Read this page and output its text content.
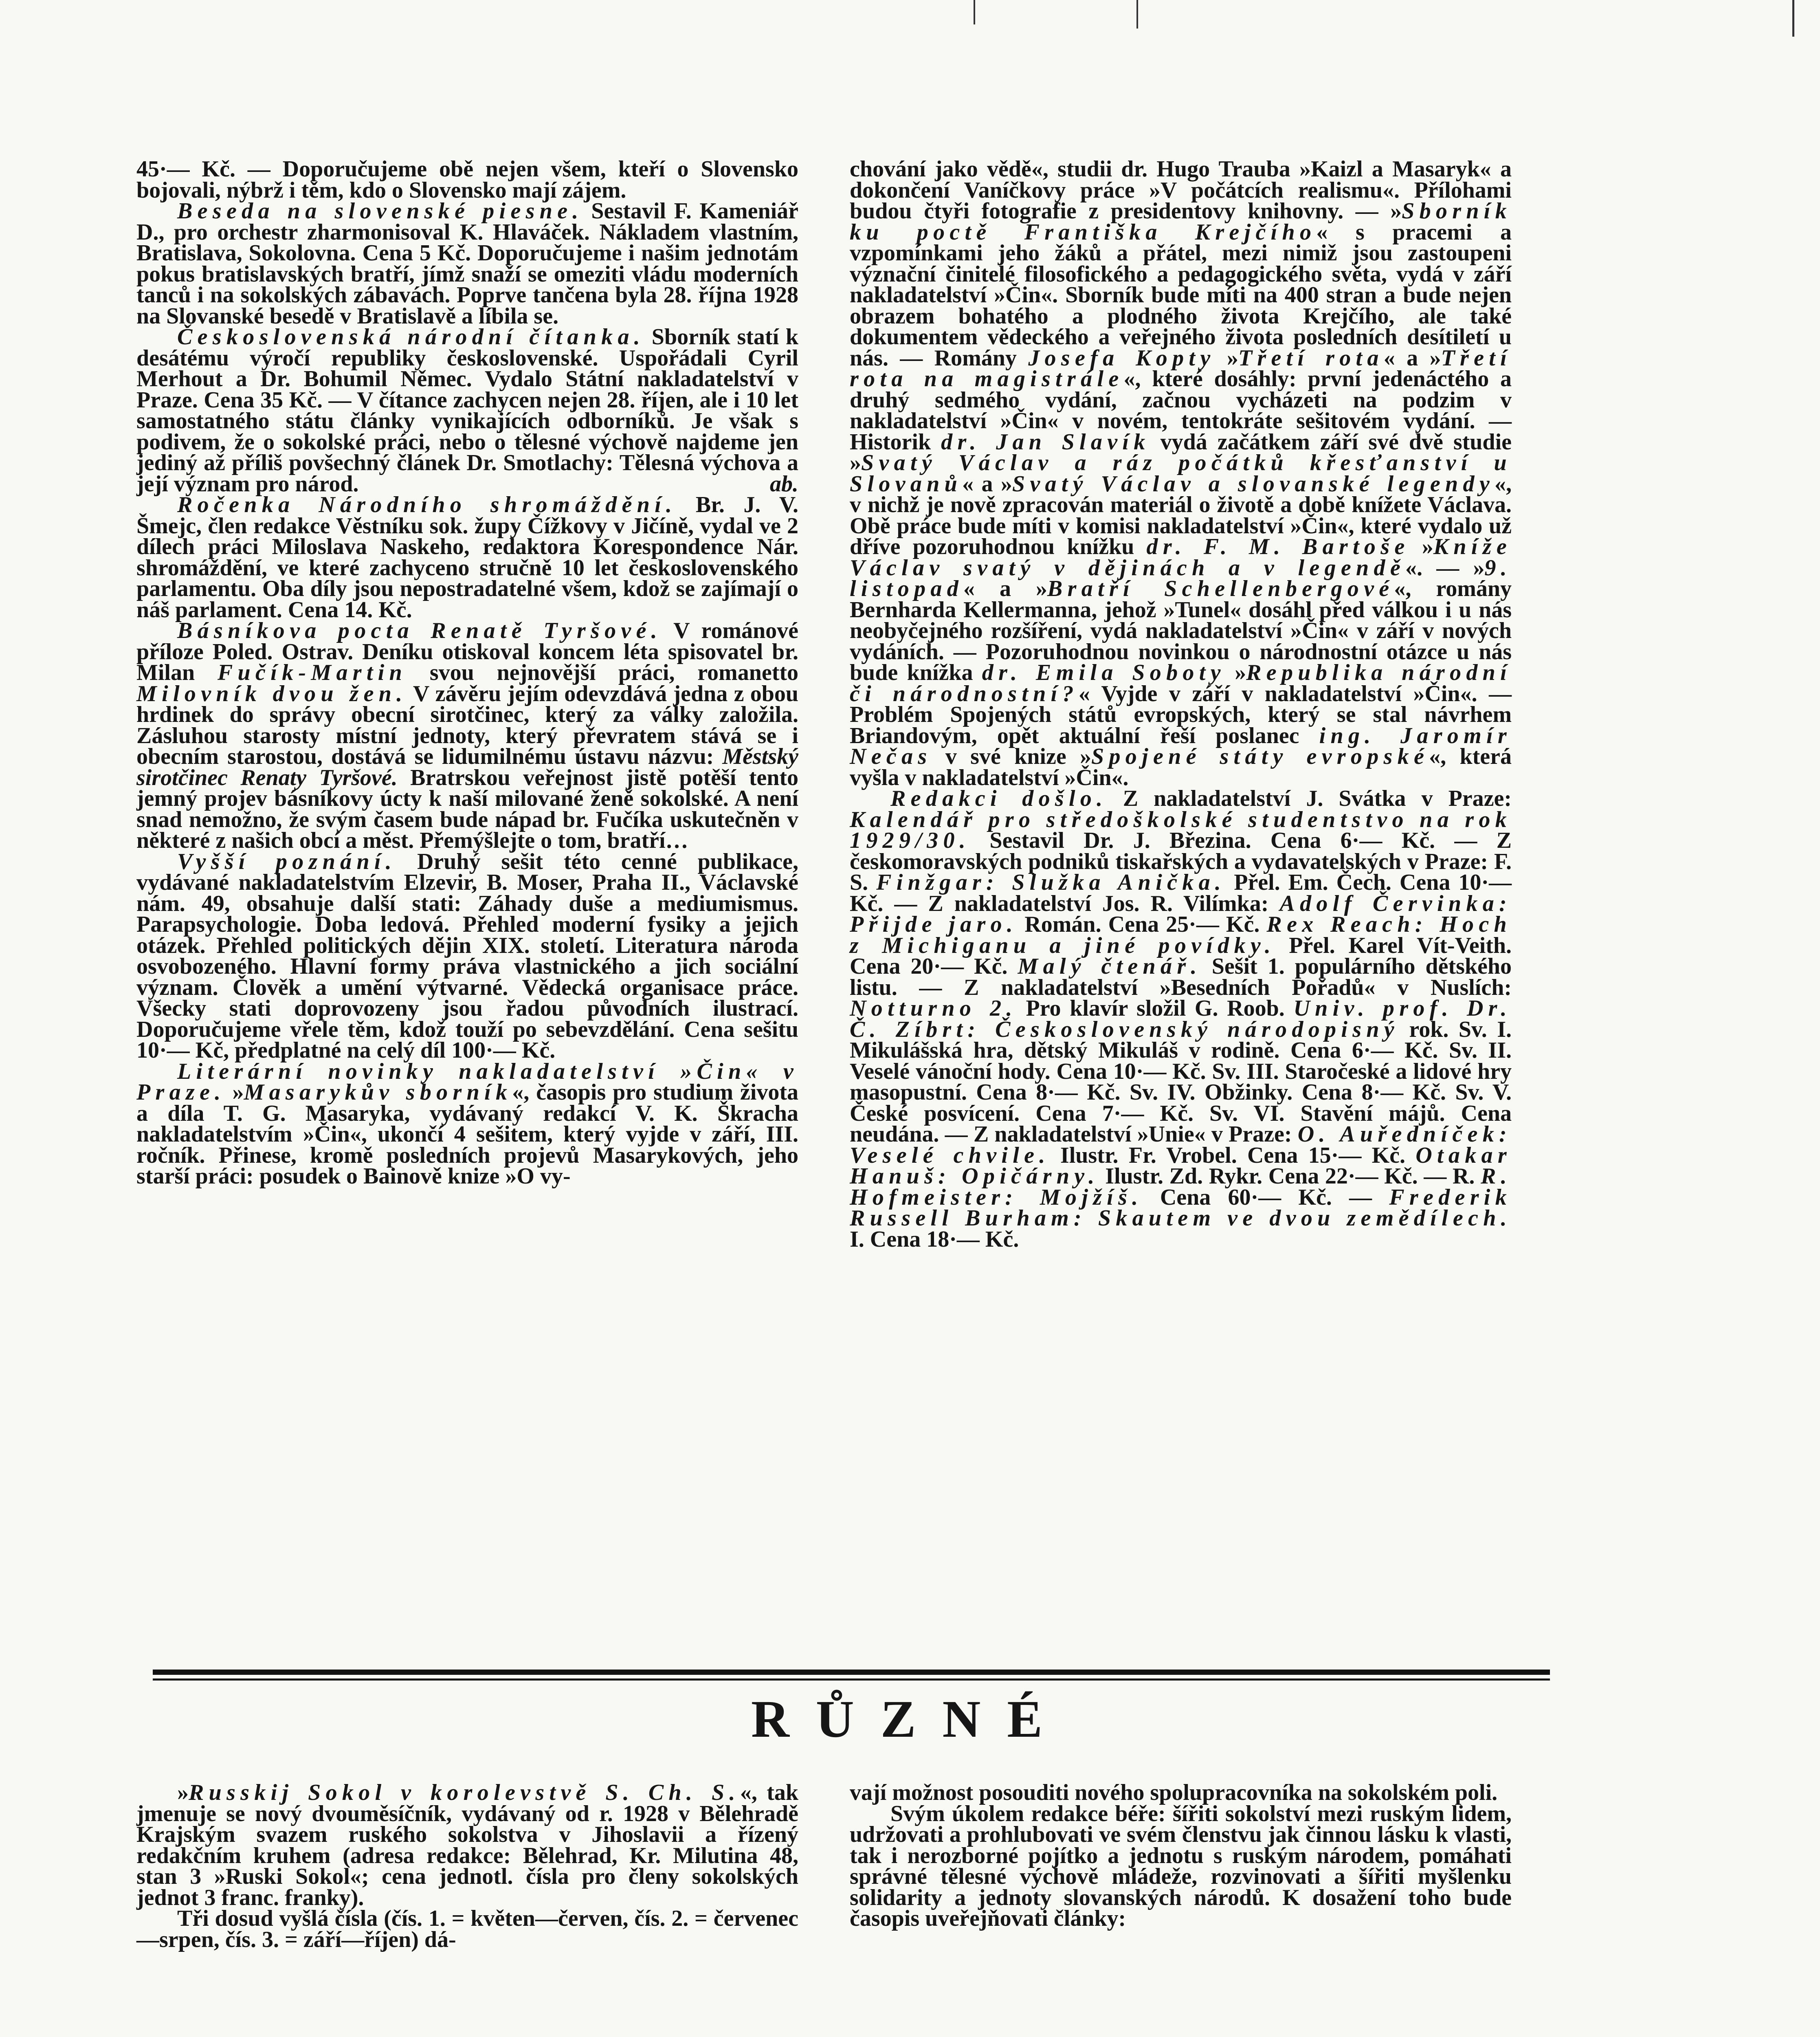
45·— Kč. — Doporučujeme obě nejen všem, kteří o Slovensko bojovali, nýbrž i těm, kdo o Slovensko mají zájem.

Beseda na slovenské piesne. Sestavil F. Kameniář D., pro orchestr zharmonisoval K. Hlaváček. Nákladem vlastním, Bratislava, Sokolovna. Cena 5 Kč. Doporučujeme i našim jednotám pokus bratislavských bratří, jímž snaží se omeziti vládu moderních tanců i na sokolských zábavách. Poprve tančena byla 28. října 1928 na Slovanské besedě v Bratislavě a líbila se.

Československá národní čítanka. Sborník statí k desátému výročí republiky československé. Uspořádali Cyril Merhout a Dr. Bohumil Němec. Vydalo Státní nakladatelství v Praze. Cena 35 Kč. — V čítance zachycen nejen 28. říjen, ale i 10 let samostatného státu články vynikajících odborníků. Je však s podivem, že o sokolské práci, nebo o tělesné výchově najdeme jen jediný až příliš povšechný článek Dr. Smotlachy: Tělesná výchova a její význam pro národ.	ab.

Ročenka Národního shromáždění. Br. J. V. Šmejc, člen redakce Věstníku sok. župy Čížkovy v Jičíně, vydal ve 2 dílech práci Miloslava Naskeho, redaktora Korespondence Nár. shromáždění, ve které zachyceno stručně 10 let československého parlamentu. Oba díly jsou nepostradatelné všem, kdož se zajímají o náš parlament. Cena 14. Kč.

Básníkova pocta Renatě Tyršové. V románové příloze Poled. Ostrav. Deníku otiskoval koncem léta spisovatel br. Milan Fučík-Martin svou nejnovější práci, romanetto Milovník dvou žen. V závěru jejím odevzdává jedna z obou hrdinek do správy obecní sirotčinec, který za války založila. Zásluhou starosty místní jednoty, který převratem stává se i obecním starostou, dostává se lidumilnému ústavu názvu: Městský sirotčinec Renaty Tyršové. Bratrskou veřejnost jistě potěší tento jemný projev básníkovy úcty k naší milované ženě sokolské. A není snad nemožno, že svým časem bude nápad br. Fučíka uskutečněn v některé z našich obcí a měst. Přemýšlejte o tom, bratří…

Vyšší poznání. Druhý sešit této cenné publikace, vydávané nakladatelstvím Elzevir, B. Moser, Praha II., Václavské nám. 49, obsahuje další stati: Záhady duše a mediumismus. Parapsychologie. Doba ledová. Přehled moderní fysiky a jejich otázek. Přehled politických dějin XIX. století. Literatura národa osvobozeného. Hlavní formy práva vlastnického a jich sociální význam. Člověk a umění výtvarné. Vědecká organisace práce. Všecky stati doprovozeny jsou řadou původních ilustrací. Doporučujeme vřele těm, kdož touží po sebevzdělání. Cena sešitu 10·— Kč, předplatné na celý díl 100·— Kč.

Literární novinky nakladatelství »Čin« v Praze. »Masarykův sborník«, časopis pro studium života a díla T. G. Masaryka, vydávaný redakcí V. K. Škracha nakladatelstvím »Čin«, ukončí 4 sešitem, který vyjde v září, III. ročník. Přinese, kromě posledních projevů Masarykových, jeho starší práci: posudek o Bainově knize »O vy-

chování jako vědě«, studii dr. Hugo Trauba »Kaizl a Masaryk« a dokončení Vaníčkovy práce »V počátcích realismu«. Přílohami budou čtyři fotografie z presidentovy knihovny. — »Sborník ku poctě Františka Krejčího« s pracemi a vzpomínkami jeho žáků a přátel, mezi nimiž jsou zastoupeni význační činitelé filosofického a pedagogického světa, vydá v září nakladatelství »Čin«. Sborník bude míti na 400 stran a bude nejen obrazem bohatého a plodného života Krejčího, ale také dokumentem vědeckého a veřejného života posledních desítiletí u nás. — Romány Josefa Kopty »Třetí rota« a »Třetí rota na magistrále«, které dosáhly: první jedenáctého a druhý sedmého vydání, začnou vycházeti na podzim v nakladatelství »Čin« v novém, tentokráte sešitovém vydání. — Historik dr. Jan Slavík vydá začátkem září své dvě studie »Svatý Václav a ráz počátků křesťanství u Slovanů« a »Svatý Václav a slovanské legendy«, v nichž je nově zpracován materiál o životě a době knížete Václava. Obě práce bude míti v komisi nakladatelství »Čin«, které vydalo už dříve pozoruhodnou knížku dr. F. M. Bartoše »Kníže Václav svatý v dějinách a v legendě«. — »9. listopad« a »Bratří Schellenbergové«, romány Bernharda Kellermanna, jehož »Tunel« dosáhl před válkou i u nás neobyčejného rozšíření, vydá nakladatelství »Čin« v září v nových vydáních. — Pozoruhodnou novinkou o národnostní otázce u nás bude knížka dr. Emila Soboty »Republika národní či národnostní?« Vyjde v září v nakladatelství »Čin«. — Problém Spojených států evropských, který se stal návrhem Briandovým, opět aktuální řeší poslanec ing. Jaromír Nečas v své knize »Spojené státy evropské«, která vyšla v nakladatelství »Čin«.

Redakci došlo. Z nakladatelství J. Svátka v Praze: Kalendář pro středoškolské studentstvo na rok 1929/30. Sestavil Dr. J. Březina. Cena 6·— Kč. — Z českomoravských podniků tiskařských a vydavatelských v Praze: F. S. Finžgar: Služka Anička. Přel. Em. Čech. Cena 10·— Kč. — Z nakladatelství Jos. R. Vilímka: Adolf Červinka: Přijde jaro. Román. Cena 25·— Kč. Rex Reach: Hoch z Michiganu a jiné povídky. Přel. Karel Vít-Veith. Cena 20·— Kč. Malý čtenář. Sešit 1. populárního dětského listu. — Z nakladatelství »Besedních Pořadů« v Nuslích: Notturno 2. Pro klavír složil G. Roob. Univ. prof. Dr. Č. Zíbrt: Československý národopisný rok. Sv. I. Mikulášská hra, dětský Mikuláš v rodině. Cena 6·— Kč. Sv. II. Veselé vánoční hody. Cena 10·— Kč. Sv. III. Staročeské a lidové hry masopustní. Cena 8·— Kč. Sv. IV. Obžinky. Cena 8·— Kč. Sv. V. České posvícení. Cena 7·— Kč. Sv. VI. Stavění májů. Cena neudána. — Z nakladatelství »Unie« v Praze: O. Auředníček: Veselé chvile. Ilustr. Fr. Vrobel. Cena 15·— Kč. Otakar Hanuš: Opičárny. Ilustr. Zd. Rykr. Cena 22·— Kč. — R. R. Hofmeister: Mojžíš. Cena 60·— Kč. — Frederik Russell Burham: Skautem ve dvou zemědílech. I. Cena 18·— Kč.

RŮZNÉ

»Russkij Sokol v korolevstvě S. Ch. S.«, tak jmenuje se nový dvouměsíčník, vydávaný od r. 1928 v Bělehradě Krajským svazem ruského sokolstva v Jihoslavii a řízený redakčním kruhem (adresa redakce: Bělehrad, Kr. Milutina 48, stan 3 »Ruski Sokol«; cena jednotl. čísla pro členy sokolských jednot 3 franc. franky).

Tři dosud vyšlá čísla (čís. 1. = květen—červen, čís. 2. = červenec—srpen, čís. 3. = září—říjen) dá-

vají možnost posouditi nového spolupracovníka na sokolském poli.

Svým úkolem redakce béře: šířiti sokolství mezi ruským lidem, udržovati a prohlubovati ve svém členstvu jak činnou lásku k vlasti, tak i nerozborné pojítko a jednotu s ruským národem, pomáhati správné tělesné výchově mládeže, rozvinovati a šířiti myšlenku solidarity a jednoty slovanských národů. K dosažení toho bude časopis uveřejňovati články:
